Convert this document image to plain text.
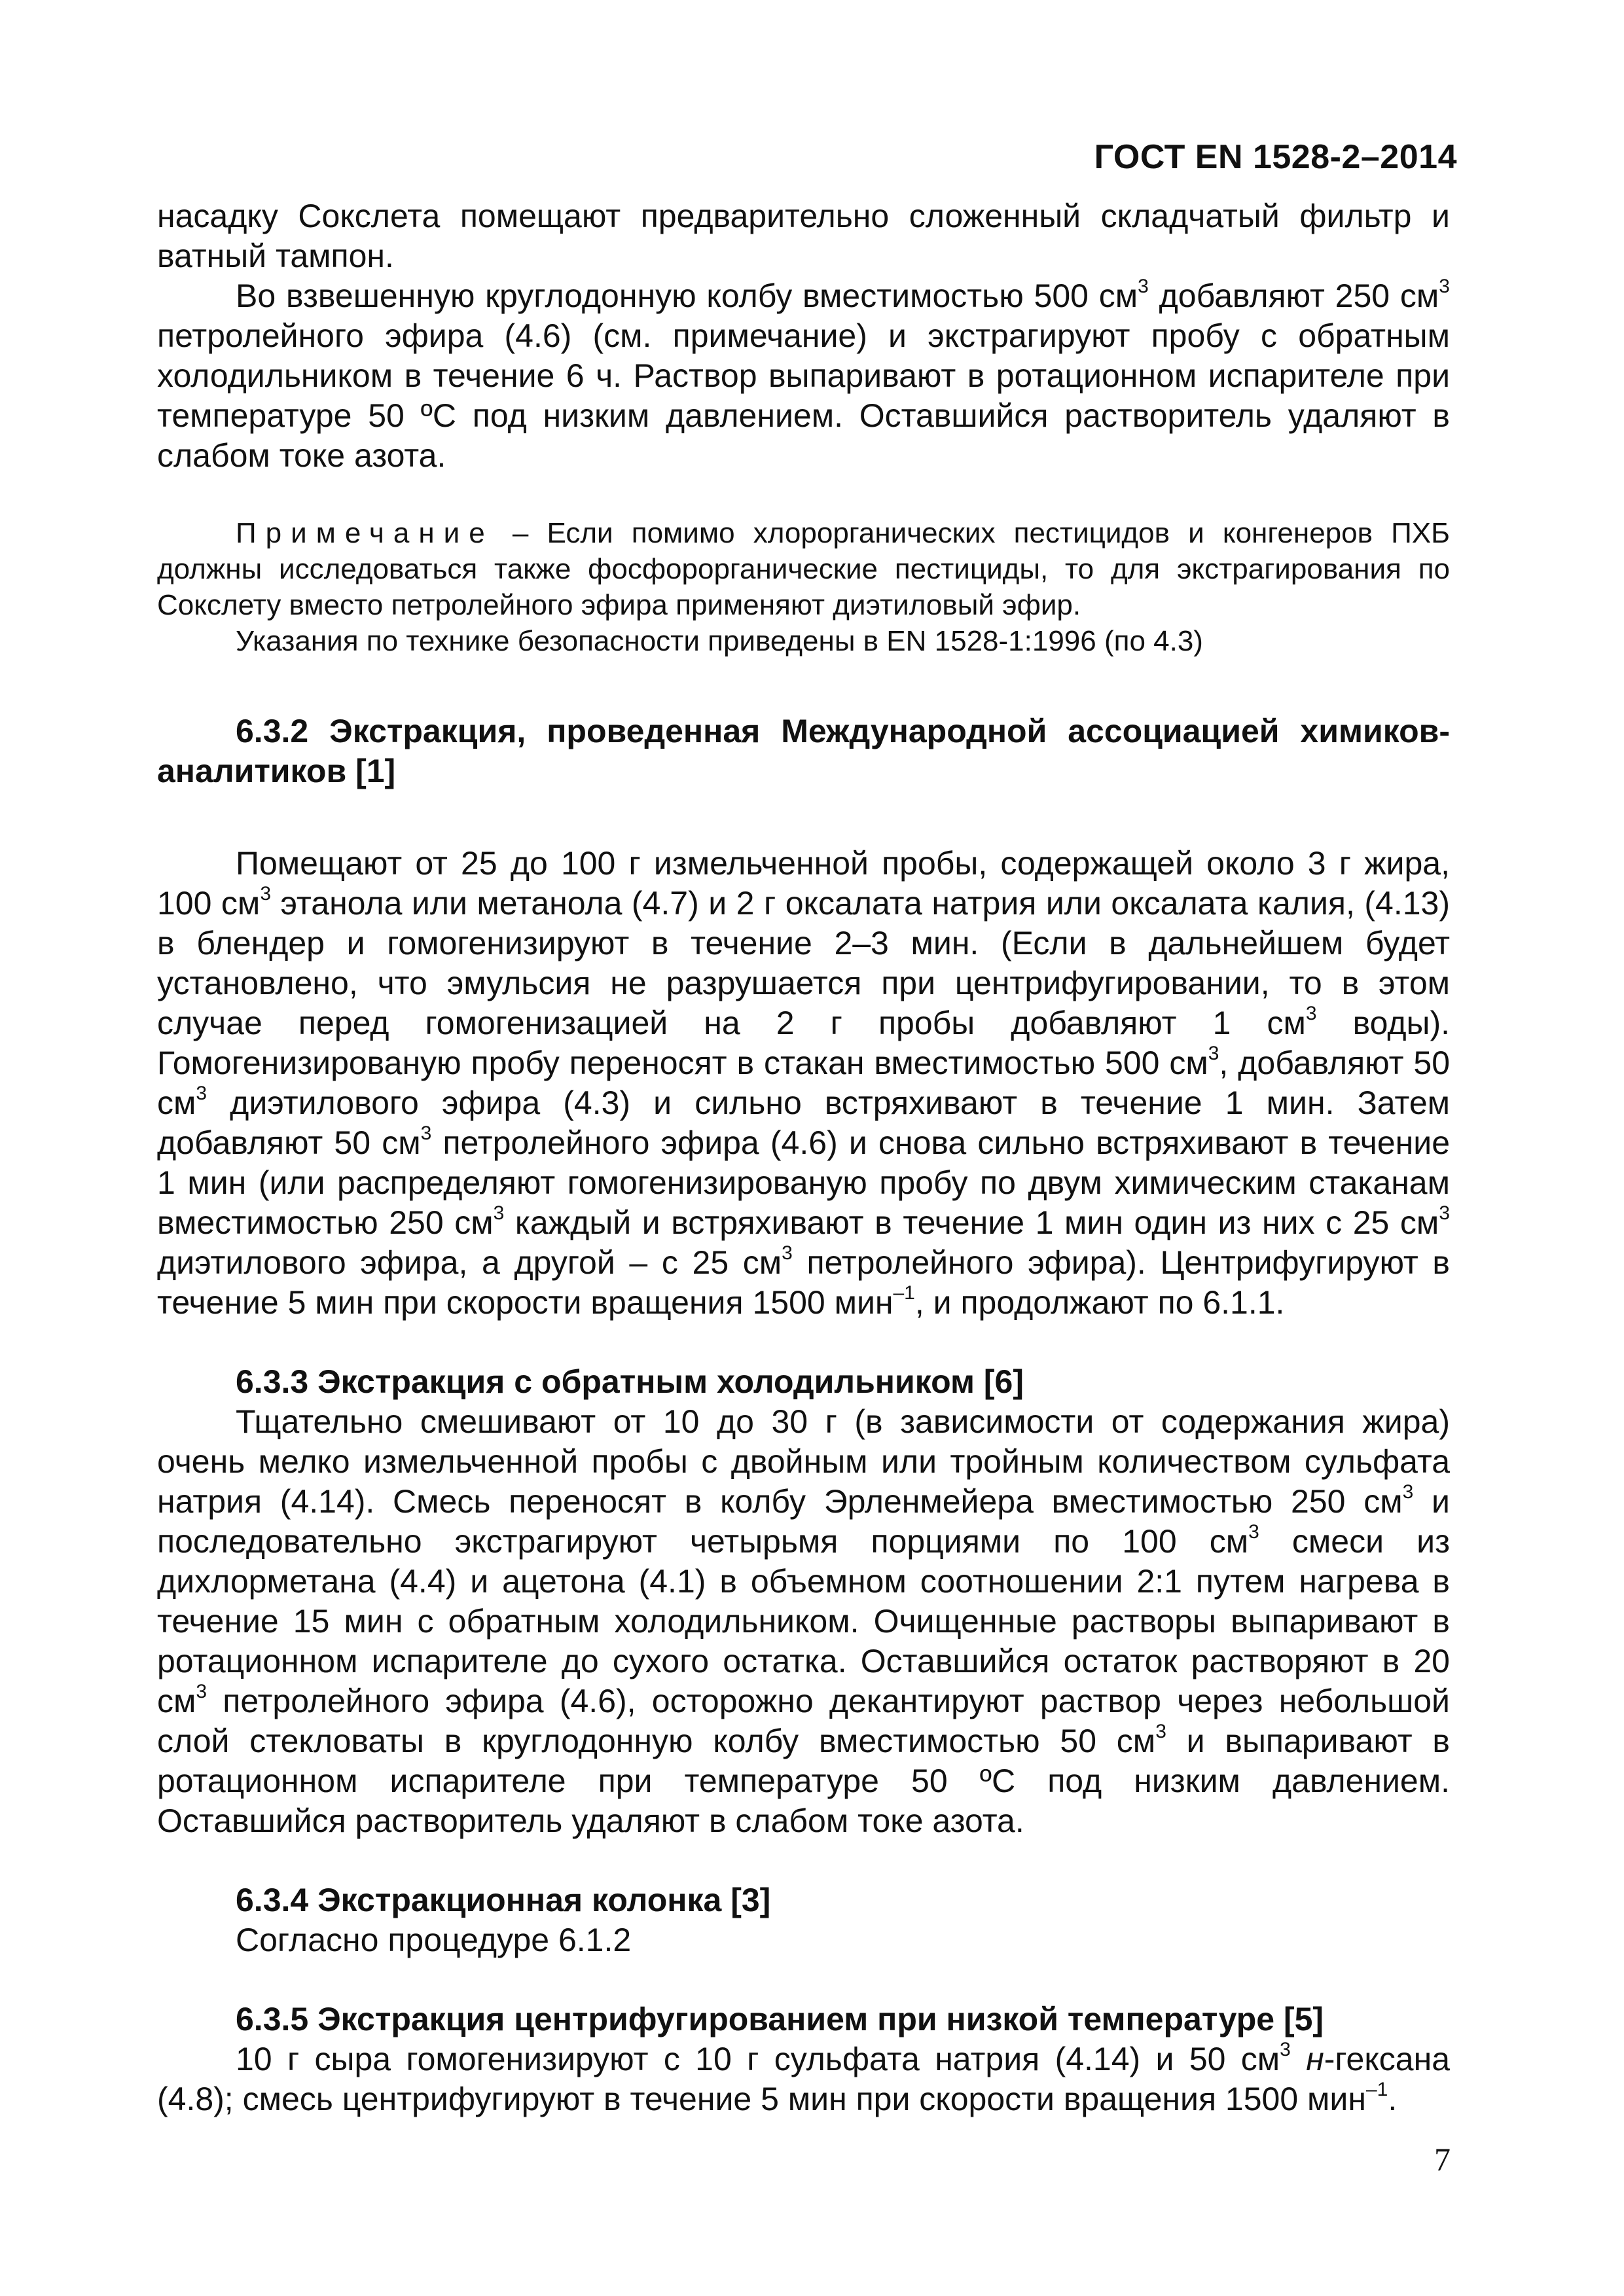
ГОСТ EN 1528-2–2014

насадку Сокслета помещают предварительно сложенный складчатый фильтр и ватный тампон.

Во взвешенную круглодонную колбу вместимостью 500 $см^3$ добавляют 250 $см^3$ петролейного эфира (4.6) (см. примечание) и экстрагируют пробу с обратным холодильником в течение 6 ч. Раствор выпаривают в ротационном испарителе при температуре 50 ºС под низким давлением. Оставшийся растворитель удаляют в слабом токе азота.

Примечание – Если помимо хлорорганических пестицидов и конгенеров ПХБ должны исследоваться также фосфорорганические пестициды, то для экстрагирования по Сокслету вместо петролейного эфира применяют диэтиловый эфир.

Указания по технике безопасности приведены в EN 1528-1:1996 (по 4.3)

6.3.2 Экстракция, проведенная Международной ассоциацией химиков-аналитиков [1]

Помещают от 25 до 100 г измельченной пробы, содержащей около 3 г жира, 100 $см^3$ этанола или метанола (4.7) и 2 г оксалата натрия или оксалата калия, (4.13) в блендер и гомогенизируют в течение 2–3 мин. (Если в дальнейшем будет установлено, что эмульсия не разрушается при центрифугировании, то в этом случае перед гомогенизацией на 2 г пробы добавляют 1 $см^3$ воды). Гомогенизированую пробу переносят в стакан вместимостью 500 $см^3$, добавляют 50 $см^3$ диэтилового эфира (4.3) и сильно встряхивают в течение 1 мин. Затем добавляют 50 $см^3$ петролейного эфира (4.6) и снова сильно встряхивают в течение 1 мин (или распределяют гомогенизированую пробу по двум химическим стаканам вместимостью 250 $см^3$ каждый и встряхивают в течение 1 мин один из них с 25 $см^3$ диэтилового эфира, а другой – с 25 $см^3$ петролейного эфира). Центрифугируют в течение 5 мин при скорости вращения 1500 мин$^{-1}$, и продолжают по 6.1.1.

6.3.3 Экстракция с обратным холодильником [6]

Тщательно смешивают от 10 до 30 г (в зависимости от содержания жира) очень мелко измельченной пробы с двойным или тройным количеством сульфата натрия (4.14). Смесь переносят в колбу Эрленмейера вместимостью 250 $см^3$ и последовательно экстрагируют четырьмя порциями по 100 $см^3$ смеси из дихлорметана (4.4) и ацетона (4.1) в объемном соотношении 2:1 путем нагрева в течение 15 мин с обратным холодильником. Очищенные растворы выпаривают в ротационном испарителе до сухого остатка. Оставшийся остаток растворяют в 20 $см^3$ петролейного эфира (4.6), осторожно декантируют раствор через небольшой слой стекловаты в круглодонную колбу вместимостью 50 $см^3$ и выпаривают в ротационном испарителе при температуре 50 ºС под низким давлением. Оставшийся растворитель удаляют в слабом токе азота.

6.3.4 Экстракционная колонка [3]

Согласно процедуре 6.1.2

6.3.5 Экстракция центрифугированием при низкой температуре [5]

10 г сыра гомогенизируют с 10 г сульфата натрия (4.14) и 50 $см^3$ н-гексана (4.8); смесь центрифугируют в течение 5 мин при скорости вращения 1500 мин$^{-1}$.

7
